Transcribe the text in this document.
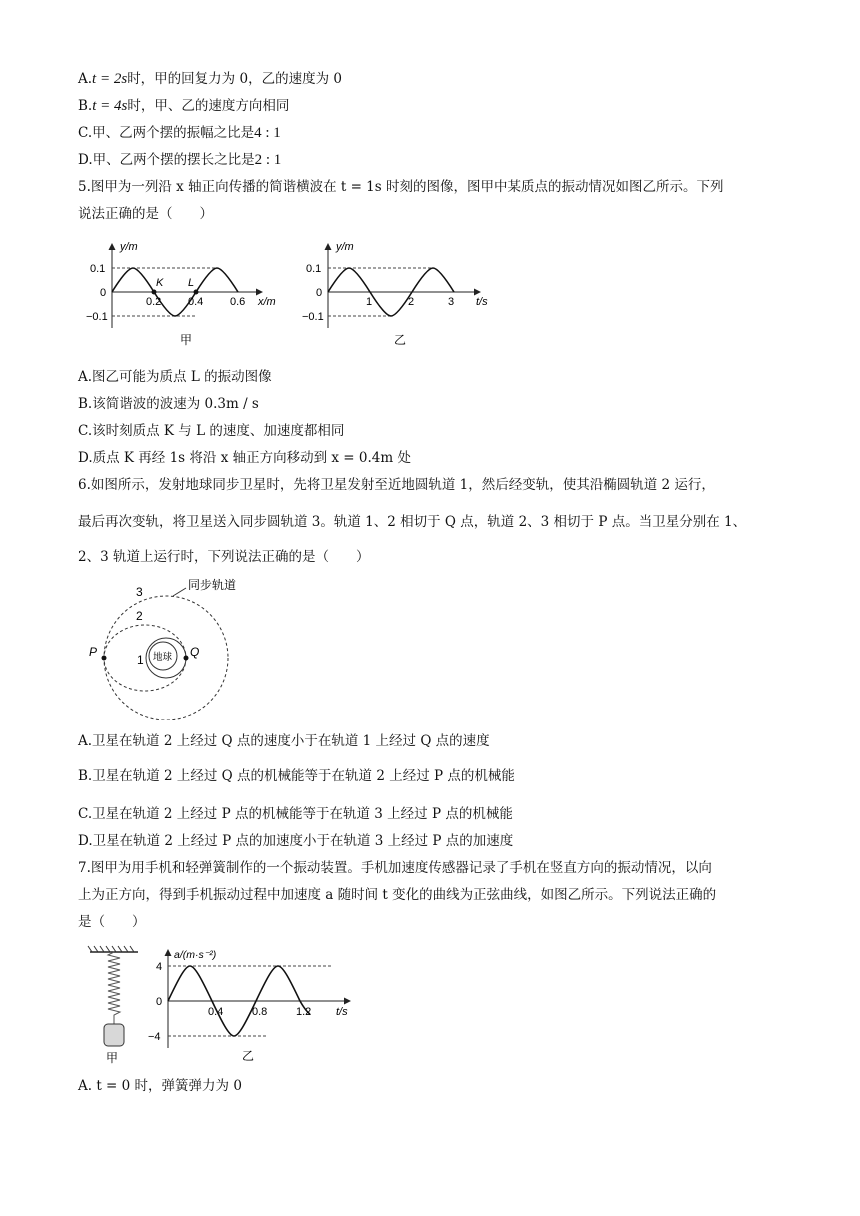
A.t = 2s时，甲的回复力为 0，乙的速度为 0
B.t = 4s时，甲、乙的速度方向相同
C.甲、乙两个摆的振幅之比是4 : 1
D.甲、乙两个摆的摆长之比是2 : 1
5.图甲为一列沿 x 轴正向传播的简谐横波在 t = 1s 时刻的图像，图甲中某质点的振动情况如图乙所示。下列
说法正确的是（　　）
y/m
0.1
0
−0.1
K L
0.2 0.4 0.6 x/m
甲
y/m
0.1
0
−0.1
1	2	3 t/s
乙
A.图乙可能为质点 L 的振动图像
B.该简谐波的波速为 0.3m / s
C.该时刻质点 K 与 L 的速度、加速度都相同
D.质点 K 再经 1s 将沿 x 轴正方向移动到 x = 0.4m 处
6.如图所示，发射地球同步卫星时，先将卫星发射至近地圆轨道 1，然后经变轨，使其沿椭圆轨道 2 运行，
最后再次变轨，将卫星送入同步圆轨道 3。轨道 1、2 相切于 Q 点，轨道 2、3 相切于 P 点。当卫星分别在 1、
2、3 轨道上运行时，下列说法正确的是（　　）
地球
P	Q
3
2
1
同步轨道
A.卫星在轨道 2 上经过 Q 点的速度小于在轨道 1 上经过 Q 点的速度
B.卫星在轨道 2 上经过 Q 点的机械能等于在轨道 2 上经过 P 点的机械能
C.卫星在轨道 2 上经过 P 点的机械能等于在轨道 3 上经过 P 点的机械能
D.卫星在轨道 2 上经过 P 点的加速度小于在轨道 3 上经过 P 点的加速度
7.图甲为用手机和轻弹簧制作的一个振动装置。手机加速度传感器记录了手机在竖直方向的振动情况，以向
上为正方向，得到手机振动过程中加速度 a 随时间 t 变化的曲线为正弦曲线，如图乙所示。下列说法正确的
是（　　）
甲
a/(m·s⁻²)
4
0
−4
0.4	0.8	1.2 t/s
乙
A. t = 0 时，弹簧弹力为 0
